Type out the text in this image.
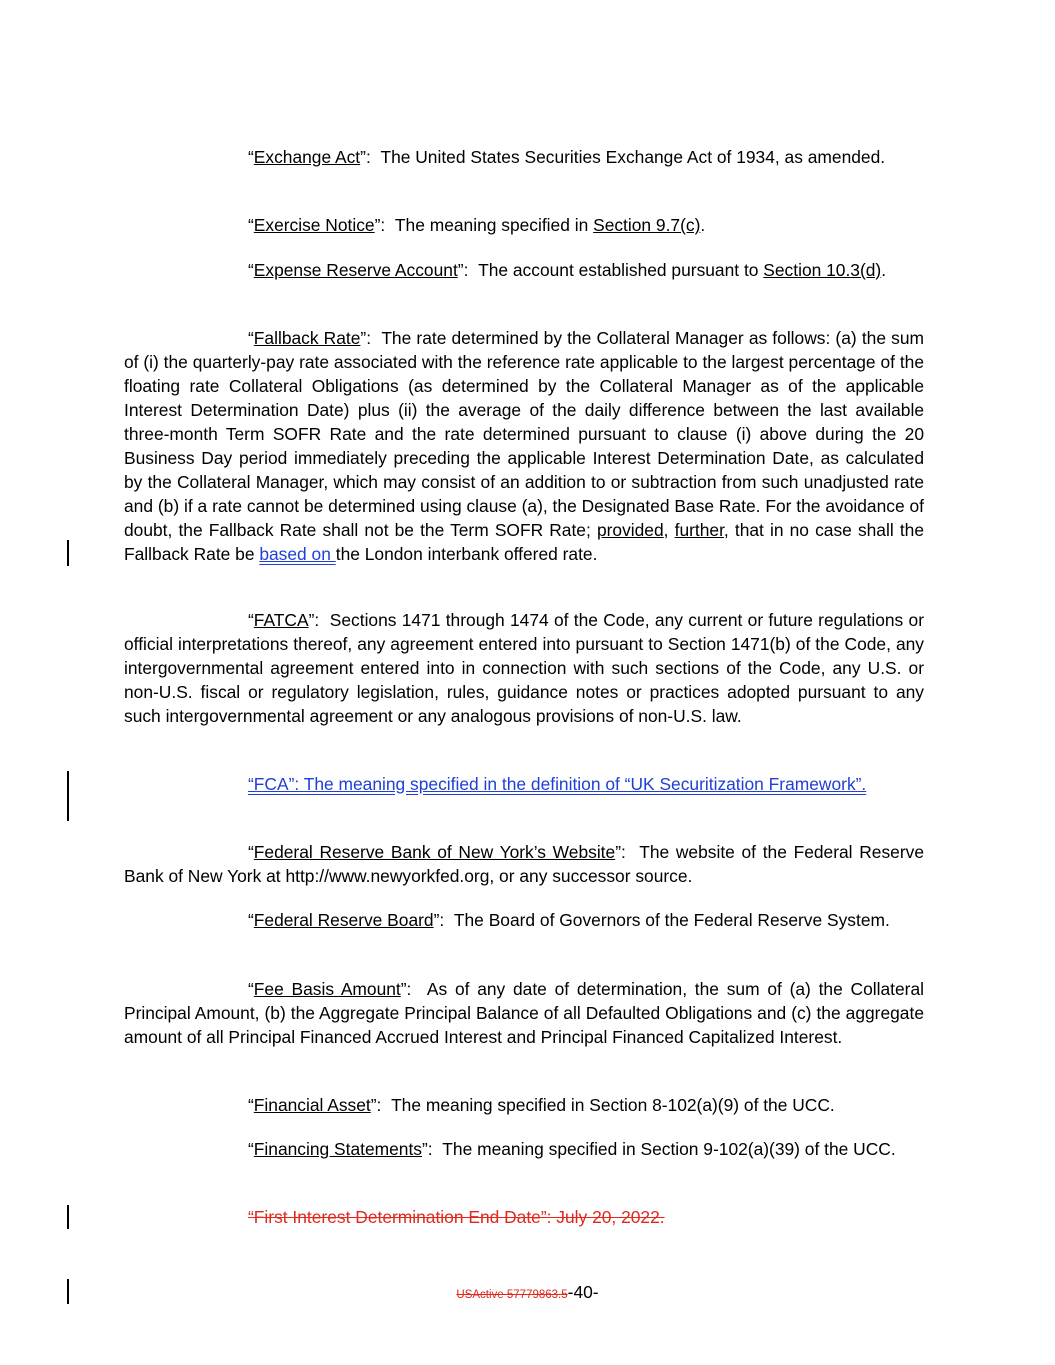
“Exchange Act”:  The United States Securities Exchange Act of 1934, as amended.

“Exercise Notice”:  The meaning specified in Section 9.7(c).

“Expense Reserve Account”:  The account established pursuant to Section 10.3(d).

“Fallback Rate”:  The rate determined by the Collateral Manager as follows: (a) the sum of (i) the quarterly-pay rate associated with the reference rate applicable to the largest percentage of the floating rate Collateral Obligations (as determined by the Collateral Manager as of the applicable Interest Determination Date) plus (ii) the average of the daily difference between the last available three-month Term SOFR Rate and the rate determined pursuant to clause (i) above during the 20 Business Day period immediately preceding the applicable Interest Determination Date, as calculated by the Collateral Manager, which may consist of an addition to or subtraction from such unadjusted rate and (b) if a rate cannot be determined using clause (a), the Designated Base Rate. For the avoidance of doubt, the Fallback Rate shall not be the Term SOFR Rate; provided, further, that in no case shall the Fallback Rate be based on the London interbank offered rate.

“FATCA”:  Sections 1471 through 1474 of the Code, any current or future regulations or official interpretations thereof, any agreement entered into pursuant to Section 1471(b) of the Code, any intergovernmental agreement entered into in connection with such sections of the Code, any U.S. or non-U.S. fiscal or regulatory legislation, rules, guidance notes or practices adopted pursuant to any such intergovernmental agreement or any analogous provisions of non-U.S. law.

“FCA”: The meaning specified in the definition of “UK Securitization Framework”.

“Federal Reserve Bank of New York’s Website”:  The website of the Federal Reserve Bank of New York at http://www.newyorkfed.org, or any successor source.

“Federal Reserve Board”:  The Board of Governors of the Federal Reserve System.

“Fee Basis Amount”:  As of any date of determination, the sum of (a) the Collateral Principal Amount, (b) the Aggregate Principal Balance of all Defaulted Obligations and (c) the aggregate amount of all Principal Financed Accrued Interest and Principal Financed Capitalized Interest.

“Financial Asset”:  The meaning specified in Section 8-102(a)(9) of the UCC.

“Financing Statements”:  The meaning specified in Section 9-102(a)(39) of the UCC.

“First Interest Determination End Date”: July 20, 2022.

USActive 57779863.5-40-
